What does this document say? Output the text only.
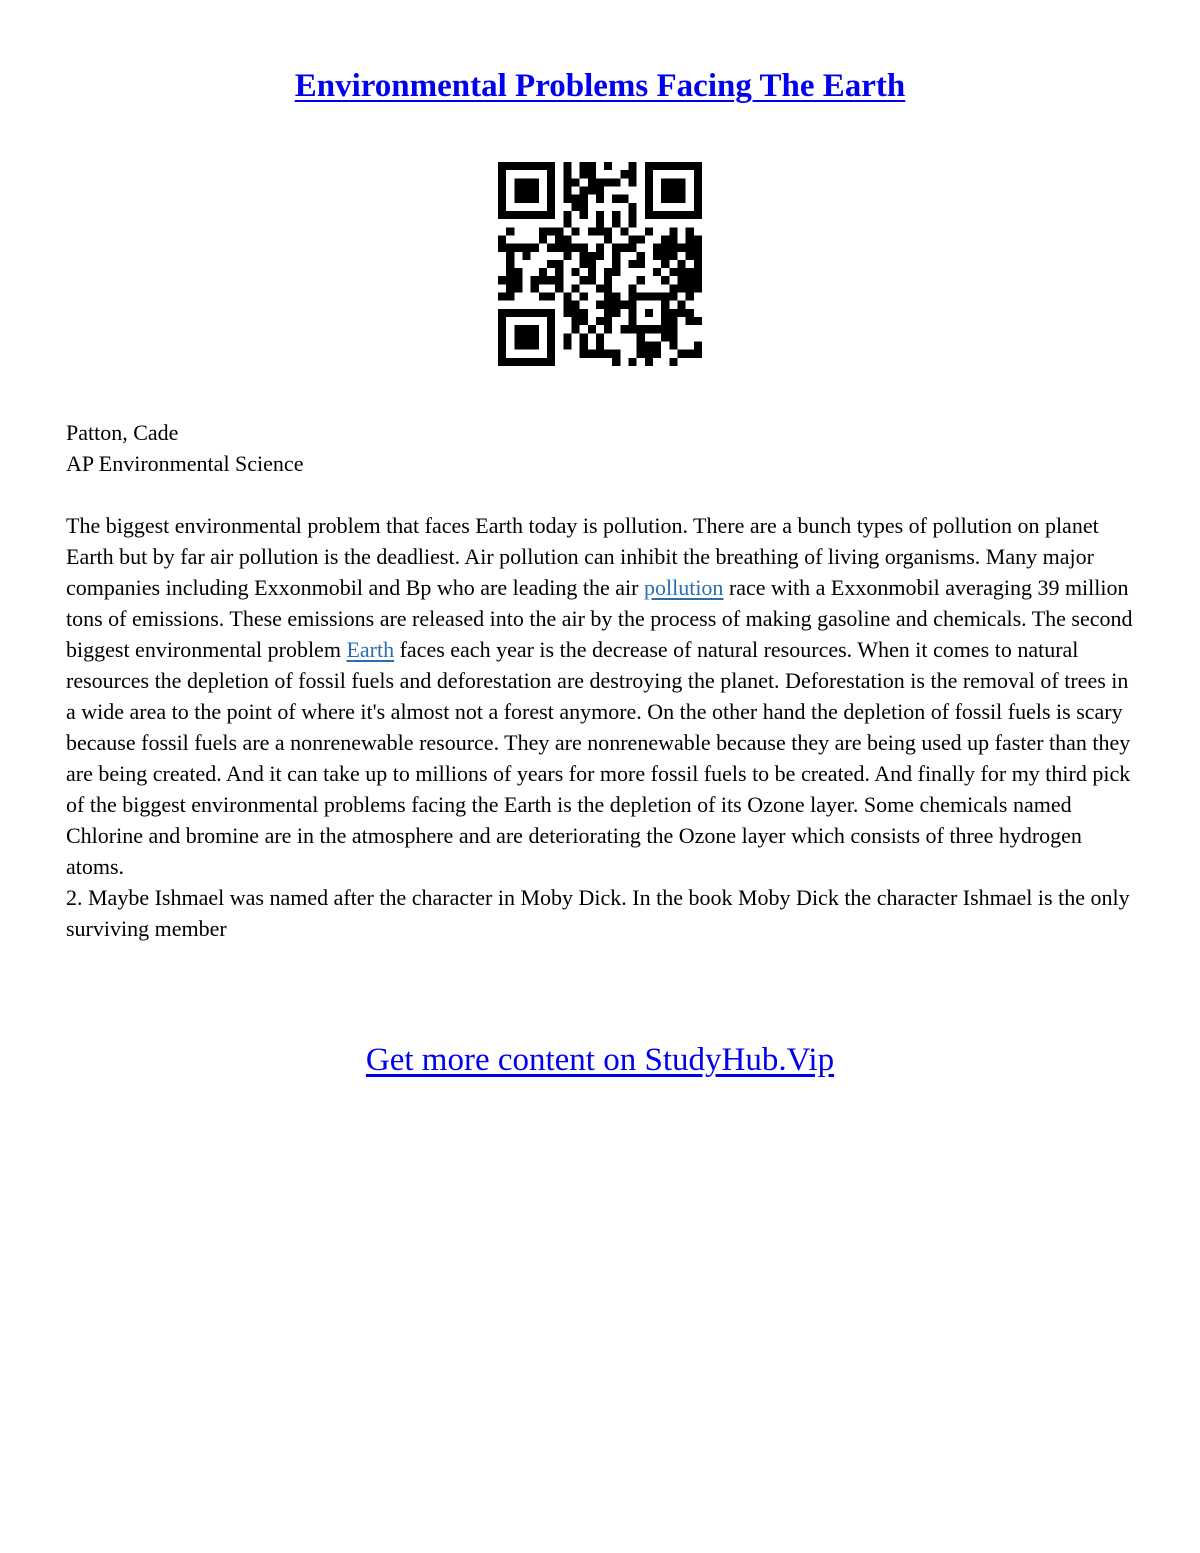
Environmental Problems Facing The Earth
Patton, Cade
AP Environmental Science

The biggest environmental problem that faces Earth today is pollution. There are a bunch types of pollution on planet Earth but by far air pollution is the deadliest. Air pollution can inhibit the breathing of living organisms. Many major companies including Exxonmobil and Bp who are leading the air pollution race with a Exxonmobil averaging 39 million tons of emissions. These emissions are released into the air by the process of making gasoline and chemicals. The second biggest environmental problem Earth faces each year is the decrease of natural resources. When it comes to natural resources the depletion of fossil fuels and deforestation are destroying the planet. Deforestation is the removal of trees in a wide area to the point of where it's almost not a forest anymore. On the other hand the depletion of fossil fuels is scary because fossil fuels are a nonrenewable resource. They are nonrenewable because they are being used up faster than they are being created. And it can take up to millions of years for more fossil fuels to be created. And finally for my third pick of the biggest environmental problems facing the Earth is the depletion of its Ozone layer. Some chemicals named Chlorine and bromine are in the atmosphere and are deteriorating the Ozone layer which consists of three hydrogen atoms.

2. Maybe Ishmael was named after the character in Moby Dick. In the book Moby Dick the character Ishmael is the only surviving member

Get more content on StudyHub.Vip
